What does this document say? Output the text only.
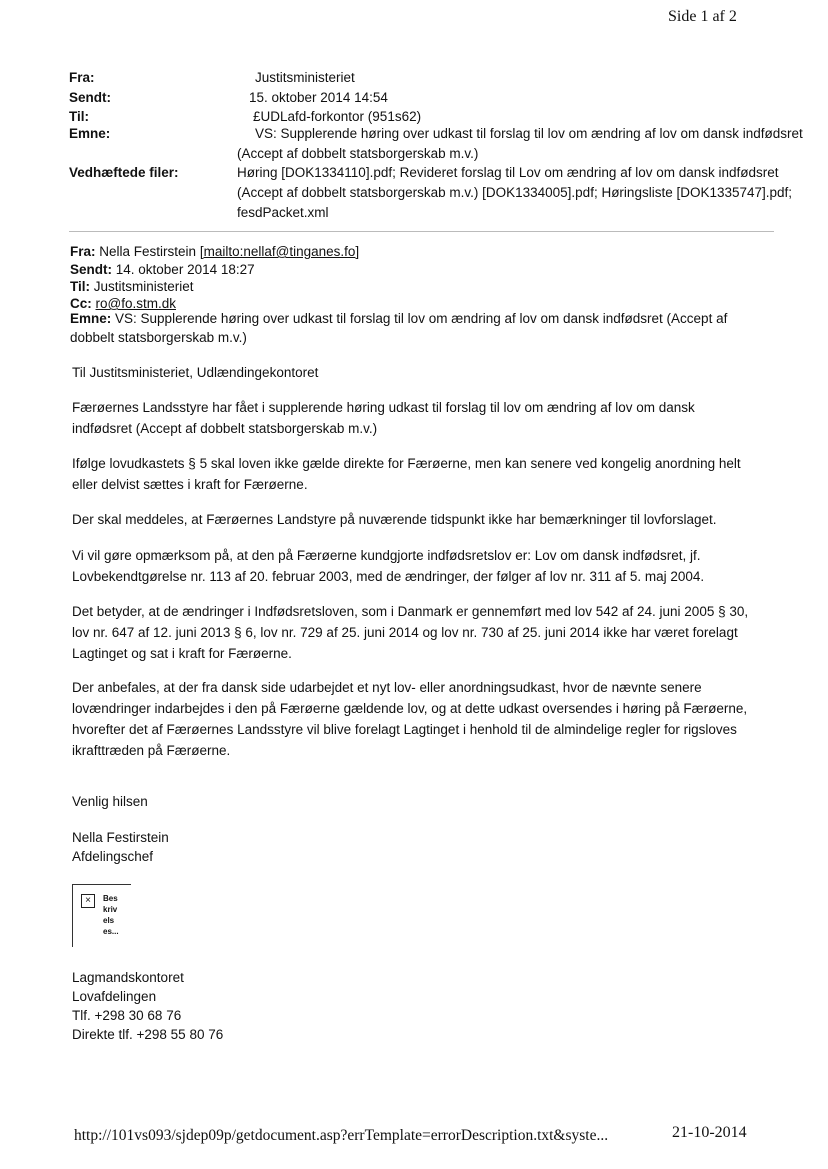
Side 1 af 2
Fra:	Justitsministeriet
Sendt:	15. oktober 2014 14:54
Til:	£UDLafd-forkontor (951s62)
Emne:	VS: Supplerende høring over udkast til forslag til lov om ændring af lov om dansk indfødsret (Accept af dobbelt statsborgerskab m.v.)
Vedhæftede filer:	Høring [DOK1334110].pdf; Revideret forslag til Lov om ændring af lov om dansk indfødsret (Accept af dobbelt statsborgerskab m.v.) [DOK1334005].pdf; Høringsliste [DOK1335747].pdf; fesdPacket.xml
Fra: Nella Festirstein [mailto:nellaf@tinganes.fo]
Sendt: 14. oktober 2014 18:27
Til: Justitsministeriet
Cc: ro@fo.stm.dk
Emne: VS: Supplerende høring over udkast til forslag til lov om ændring af lov om dansk indfødsret (Accept af dobbelt statsborgerskab m.v.)
Til Justitsministeriet, Udlændingekontoret
Færøernes Landsstyre har fået i supplerende høring udkast til forslag til lov om ændring af lov om dansk indfødsret (Accept af dobbelt statsborgerskab m.v.)
Ifølge lovudkastets § 5 skal loven ikke gælde direkte for Færøerne, men kan senere ved kongelig anordning helt eller delvist sættes i kraft for Færøerne.
Der skal meddeles, at Færøernes Landstyre på nuværende tidspunkt ikke har bemærkninger til lovforslaget.
Vi vil gøre opmærksom på, at den på Færøerne kundgjorte indfødsretslov er: Lov om dansk indfødsret, jf. Lovbekendtgørelse nr. 113 af 20. februar 2003, med de ændringer, der følger af lov nr. 311 af 5. maj 2004.
Det betyder, at de ændringer i Indfødsretsloven, som i Danmark er gennemført med lov 542 af 24. juni 2005 § 30, lov nr. 647 af 12. juni 2013 § 6, lov nr. 729 af 25. juni 2014 og lov nr. 730 af 25. juni 2014 ikke har været forelagt Lagtinget og sat i kraft for Færøerne.
Der anbefales, at der fra dansk side udarbejdet et nyt lov- eller anordningsudkast, hvor de nævnte senere lovændringer indarbejdes i den på Færøerne gældende lov, og at dette udkast oversendes i høring på Færøerne, hvorefter det af Færøernes Landsstyre vil blive forelagt Lagtinget i henhold til de almindelige regler for rigsloves ikrafttræden på Færøerne.
Venlig hilsen
Nella Festirstein
Afdelingschef
×	Bes kriv els es...
Lagmandskontoret
Lovafdelingen
Tlf. +298 30 68 76
Direkte tlf. +298 55 80 76
http://101vs093/sjdep09p/getdocument.asp?errTemplate=errorDescription.txt&syste...	21-10-2014
